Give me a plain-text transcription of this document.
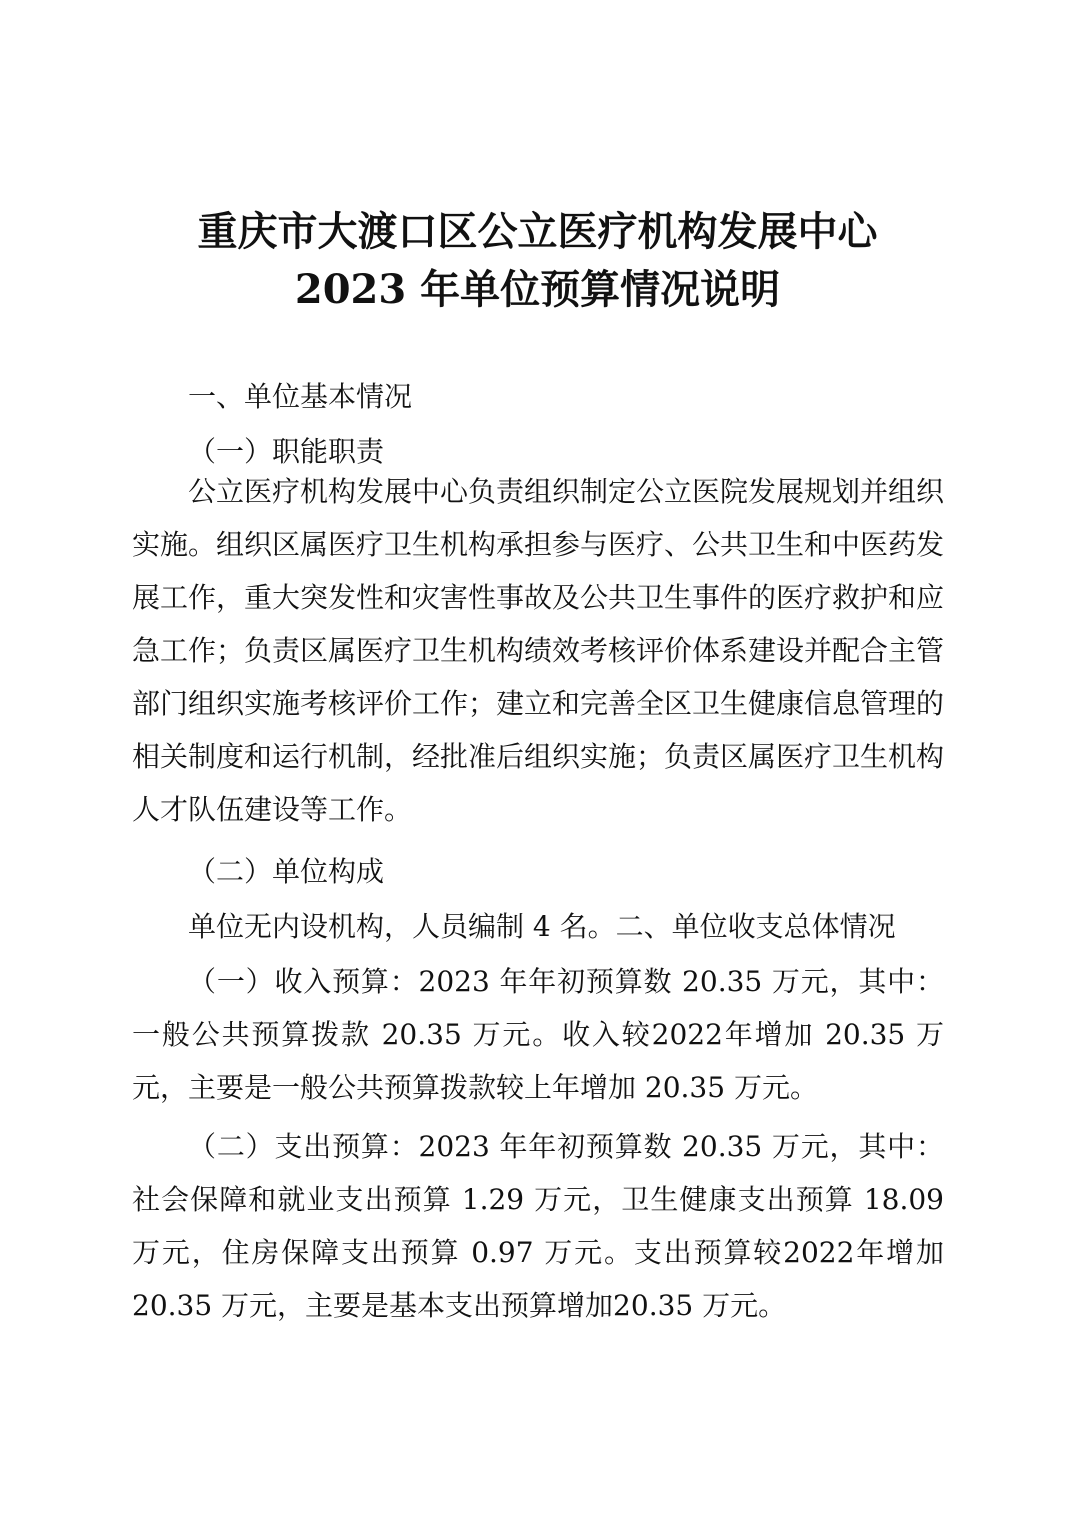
重庆市大渡口区公立医疗机构发展中心
2023 年单位预算情况说明

一、单位基本情况

（一）职能职责

公立医疗机构发展中心负责组织制定公立医院发展规划并组织实施。组织区属医疗卫生机构承担参与医疗、公共卫生和中医药发展工作，重大突发性和灾害性事故及公共卫生事件的医疗救护和应急工作；负责区属医疗卫生机构绩效考核评价体系建设并配合主管部门组织实施考核评价工作；建立和完善全区卫生健康信息管理的相关制度和运行机制，经批准后组织实施；负责区属医疗卫生机构人才队伍建设等工作。

（二）单位构成

单位无内设机构，人员编制 4 名。二、单位收支总体情况

（一）收入预算：2023 年年初预算数 20.35 万元，其中：一般公共预算拨款 20.35 万元。收入较2022年增加 20.35 万元，主要是一般公共预算拨款较上年增加 20.35 万元。

（二）支出预算：2023 年年初预算数 20.35 万元，其中：社会保障和就业支出预算 1.29 万元，卫生健康支出预算 18.09 万元，住房保障支出预算 0.97 万元。支出预算较2022年增加 20.35 万元，主要是基本支出预算增加20.35 万元。
